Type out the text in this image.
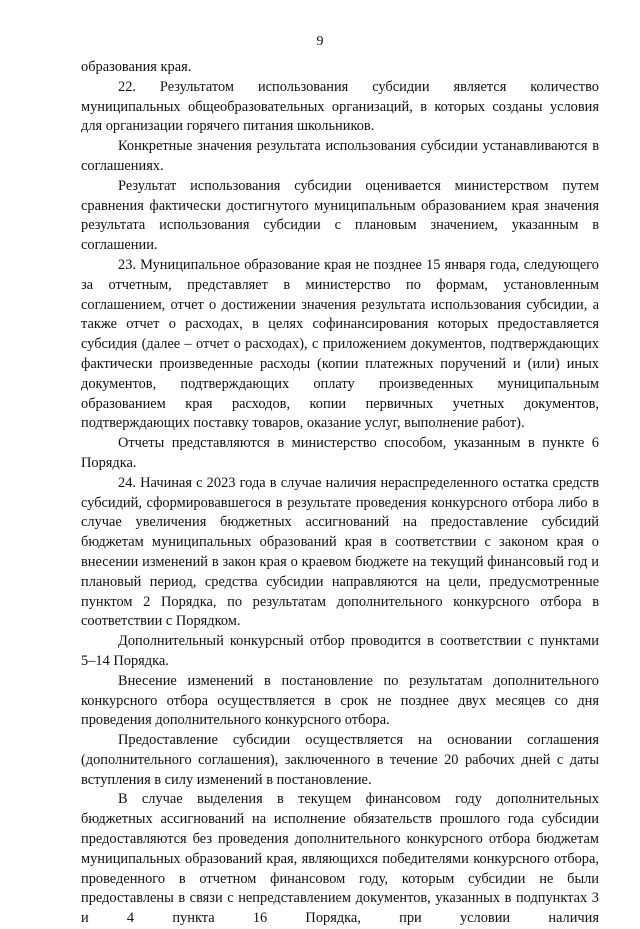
9

образования края.

22. Результатом использования субсидии является количество муниципальных общеобразовательных организаций, в которых созданы условия для организации горячего питания школьников.

Конкретные значения результата использования субсидии устанавливаются в соглашениях.

Результат использования субсидии оценивается министерством путем сравнения фактически достигнутого муниципальным образованием края значения результата использования субсидии с плановым значением, указанным в соглашении.

23. Муниципальное образование края не позднее 15 января года, следующего за отчетным, представляет в министерство по формам, установленным соглашением, отчет о достижении значения результата использования субсидии, а также отчет о расходах, в целях софинансирования которых предоставляется субсидия (далее – отчет о расходах), с приложением документов, подтверждающих фактически произведенные расходы (копии платежных поручений и (или) иных документов, подтверждающих оплату произведенных муниципальным образованием края расходов, копии первичных учетных документов, подтверждающих поставку товаров, оказание услуг, выполнение работ).

Отчеты представляются в министерство способом, указанным в пункте 6 Порядка.

24. Начиная с 2023 года в случае наличия нераспределенного остатка средств субсидий, сформировавшегося в результате проведения конкурсного отбора либо в случае увеличения бюджетных ассигнований на предоставление субсидий бюджетам муниципальных образований края в соответствии с законом края о внесении изменений в закон края о краевом бюджете на текущий финансовый год и плановый период, средства субсидии направляются на цели, предусмотренные пунктом 2 Порядка, по результатам дополнительного конкурсного отбора в соответствии с Порядком.

Дополнительный конкурсный отбор проводится в соответствии с пунктами 5–14 Порядка.

Внесение изменений в постановление по результатам дополнительного конкурсного отбора осуществляется в срок не позднее двух месяцев со дня проведения дополнительного конкурсного отбора.

Предоставление субсидии осуществляется на основании соглашения (дополнительного соглашения), заключенного в течение 20 рабочих дней с даты вступления в силу изменений в постановление.

В случае выделения в текущем финансовом году дополнительных бюджетных ассигнований на исполнение обязательств прошлого года субсидии предоставляются без проведения дополнительного конкурсного отбора бюджетам муниципальных образований края, являющихся победителями конкурсного отбора, проведенного в отчетном финансовом году, которым субсидии не были предоставлены в связи с непредставлением документов, указанных в подпунктах 3 и 4 пункта 16 Порядка, при условии наличия
